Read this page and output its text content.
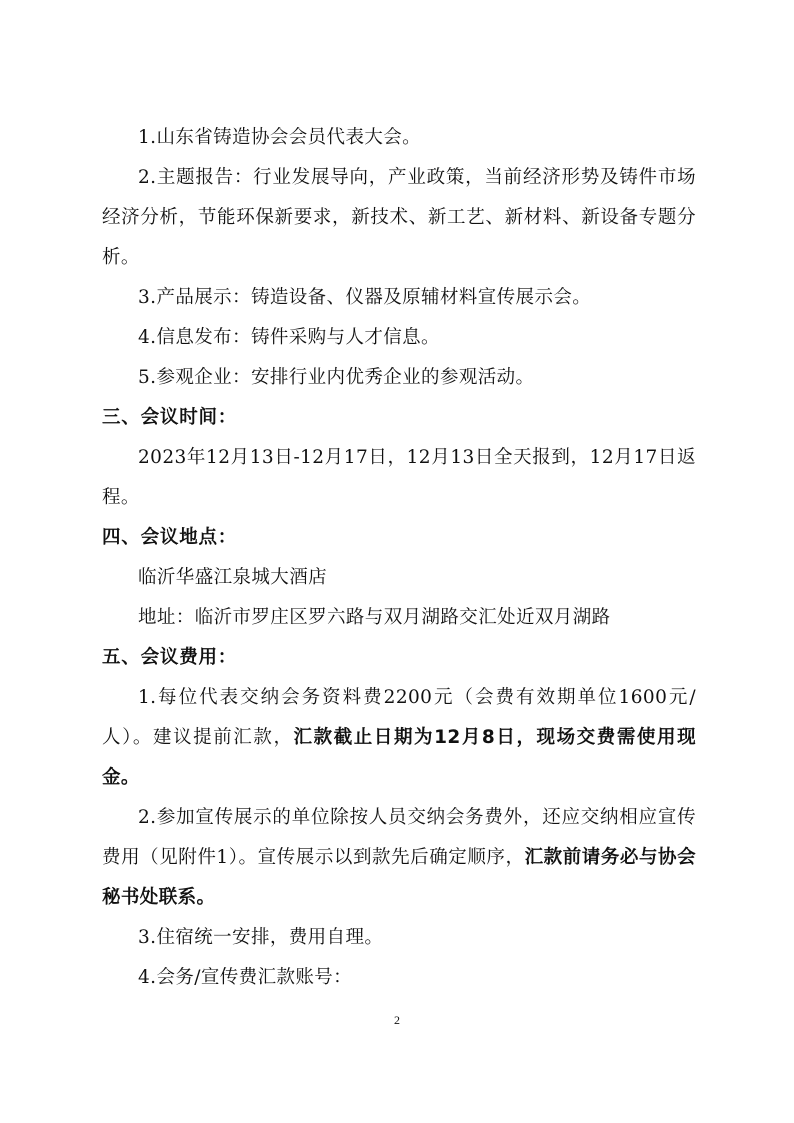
1.山东省铸造协会会员代表大会。

2.主题报告：行业发展导向，产业政策，当前经济形势及铸件市场经济分析，节能环保新要求，新技术、新工艺、新材料、新设备专题分析。

3.产品展示：铸造设备、仪器及原辅材料宣传展示会。

4.信息发布：铸件采购与人才信息。

5.参观企业：安排行业内优秀企业的参观活动。

三、会议时间：

2023年12月13日-12月17日，12月13日全天报到，12月17日返程。

四、会议地点：

临沂华盛江泉城大酒店

地址：临沂市罗庄区罗六路与双月湖路交汇处近双月湖路

五、会议费用：

1.每位代表交纳会务资料费2200元（会费有效期单位1600元/人）。建议提前汇款，汇款截止日期为12月8日，现场交费需使用现金。

2.参加宣传展示的单位除按人员交纳会务费外，还应交纳相应宣传费用（见附件1）。宣传展示以到款先后确定顺序，汇款前请务必与协会秘书处联系。

3.住宿统一安排，费用自理。

4.会务/宣传费汇款账号：

2
